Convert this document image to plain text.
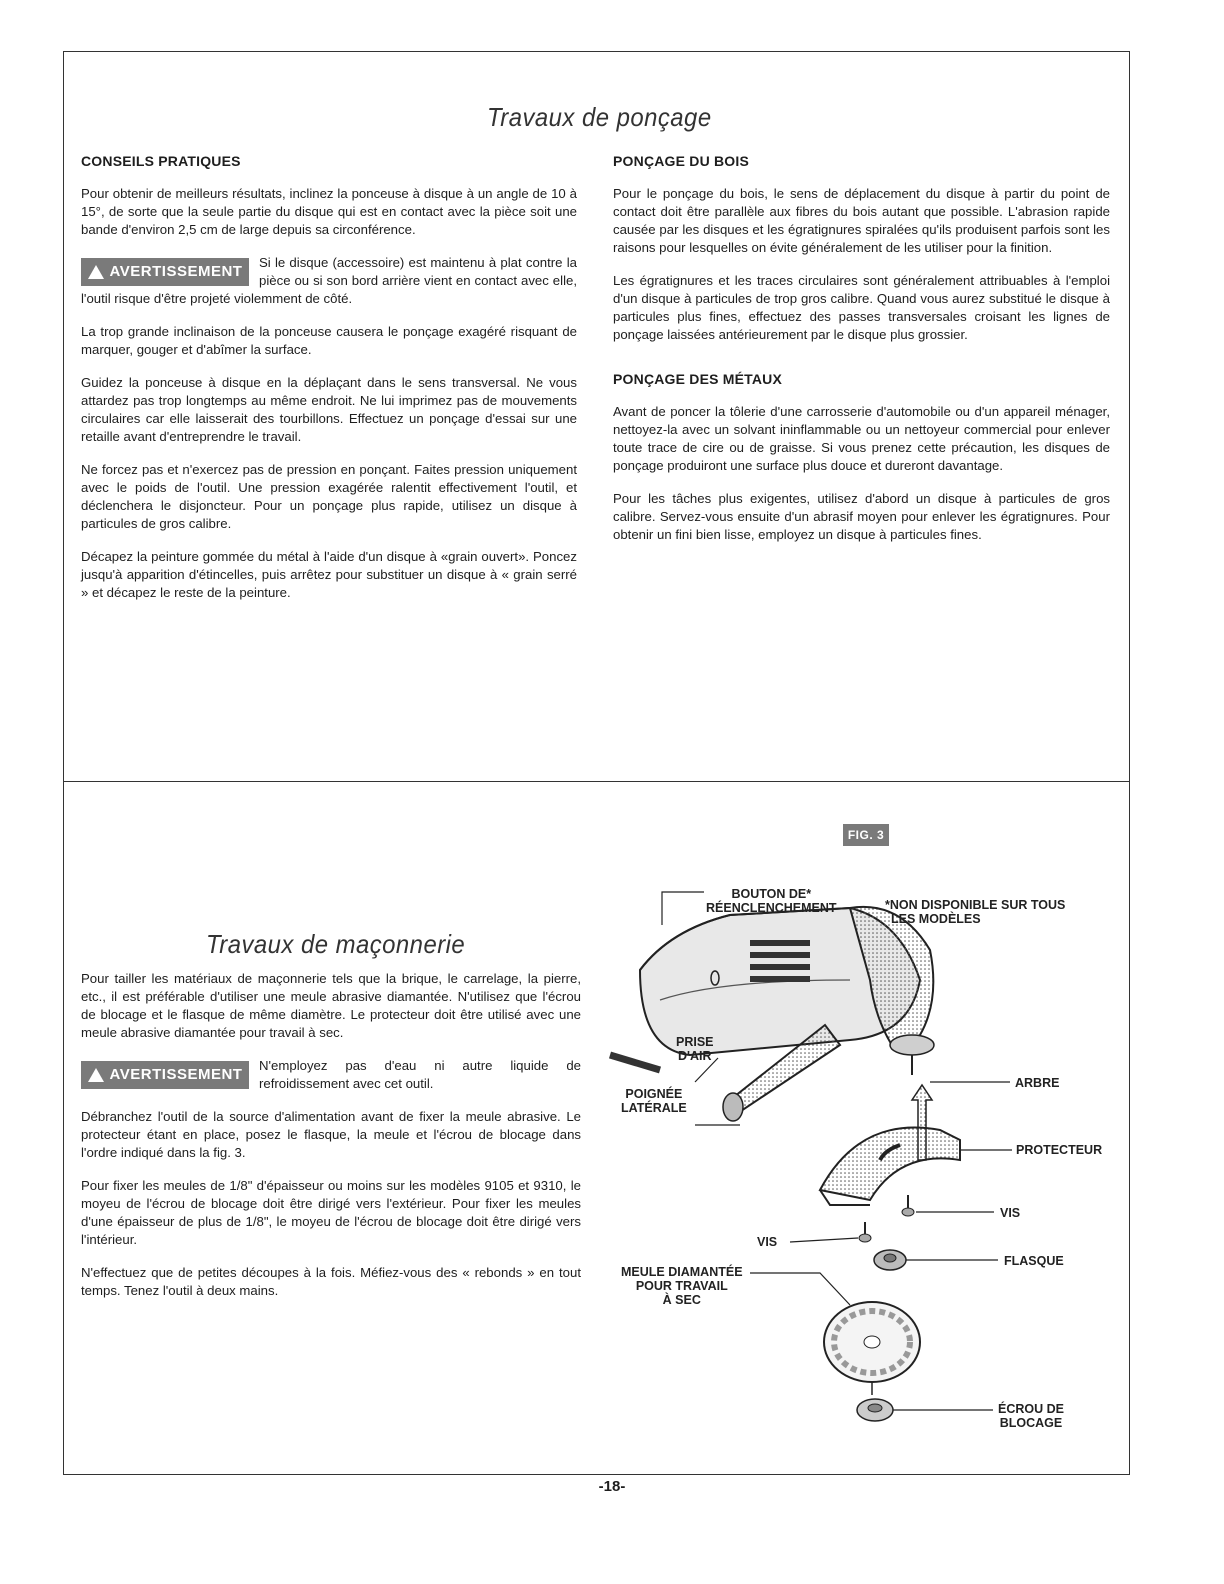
Travaux de ponçage

CONSEILS PRATIQUES

Pour obtenir de meilleurs résultats, inclinez la ponceuse à disque à un angle de 10 à 15°, de sorte que la seule partie du disque qui est en contact avec la pièce soit une bande d'environ 2,5 cm de large depuis sa circonférence.

AVERTISSEMENT
Si le disque (accessoire) est maintenu à plat contre la pièce ou si son bord arrière vient en contact avec elle, l'outil risque d'être projeté violemment de côté.

La trop grande inclinaison de la ponceuse causera le ponçage exagéré risquant de marquer, gouger et d'abîmer la surface.

Guidez la ponceuse à disque en la déplaçant dans le sens transversal. Ne vous attardez pas trop longtemps au même endroit. Ne lui imprimez pas de mouvements circulaires car elle laisserait des tourbillons. Effectuez un ponçage d'essai sur une retaille avant d'entreprendre le travail.

Ne forcez pas et n'exercez pas de pression en ponçant. Faites pression uniquement avec le poids de l'outil. Une pression exagérée ralentit effectivement l'outil, et déclenchera le disjoncteur. Pour un ponçage plus rapide, utilisez un disque à particules de gros calibre.

Décapez la peinture gommée du métal à l'aide d'un disque à «grain ouvert». Poncez jusqu'à apparition d'étincelles, puis arrêtez pour substituer un disque à « grain serré » et décapez le reste de la peinture.

PONÇAGE DU BOIS

Pour le ponçage du bois, le sens de déplacement du disque à partir du point de contact doit être parallèle aux fibres du bois autant que possible. L'abrasion rapide causée par les disques et les égratignures spiralées qu'ils produisent parfois sont les raisons pour lesquelles on évite généralement de les utiliser pour la finition.

Les égratignures et les traces circulaires sont généralement attribuables à l'emploi d'un disque à particules de trop gros calibre. Quand vous aurez substitué le disque à particules plus fines, effectuez des passes transversales croisant les lignes de ponçage laissées antérieurement par le disque plus grossier.

PONÇAGE DES MÉTAUX

Avant de poncer la tôlerie d'une carrosserie d'automobile ou d'un appareil ménager, nettoyez-la avec un solvant ininflammable ou un nettoyeur commercial pour enlever toute trace de cire ou de graisse. Si vous prenez cette précaution, les disques de ponçage produiront une surface plus douce et dureront davantage.

Pour les tâches plus exigentes, utilisez d'abord un disque à particules de gros calibre. Servez-vous ensuite d'un abrasif moyen pour enlever les égratignures. Pour obtenir un fini bien lisse, employez un disque à particules fines.

Travaux de maçonnerie

Pour tailler les matériaux de maçonnerie tels que la brique, le carrelage, la pierre, etc., il est préférable d'utiliser une meule abrasive diamantée. N'utilisez que l'écrou de blocage et le flasque de même diamètre. Le protecteur doit être utilisé avec une meule abrasive diamantée pour travail à sec.

AVERTISSEMENT
N'employez pas d'eau ni autre liquide de refroidissement avec cet outil.

Débranchez l'outil de la source d'alimentation avant de fixer la meule abrasive. Le protecteur étant en place, posez le flasque, la meule et l'écrou de blocage dans l'ordre indiqué dans la fig. 3.

Pour fixer les meules de 1/8" d'épaisseur ou moins sur les modèles 9105 et 9310, le moyeu de l'écrou de blocage doit être dirigé vers l'extérieur. Pour fixer les meules d'une épaisseur de plus de 1/8", le moyeu de l'écrou de blocage doit être dirigé vers l'intérieur.

N'effectuez que de petites découpes à la fois. Méfiez-vous des « rebonds » en tout temps. Tenez l'outil à deux mains.

FIG. 3
BOUTON DE*
RÉENCLENCHEMENT	*NON DISPONIBLE SUR TOUS
LES MODÈLES
PRISE
D'AIR
POIGNÉE
LATÉRALE
ARBRE
PROTECTEUR
VIS
VIS
FLASQUE
MEULE DIAMANTÉE
POUR TRAVAIL
À SEC
ÉCROU DE
BLOCAGE
-18-
